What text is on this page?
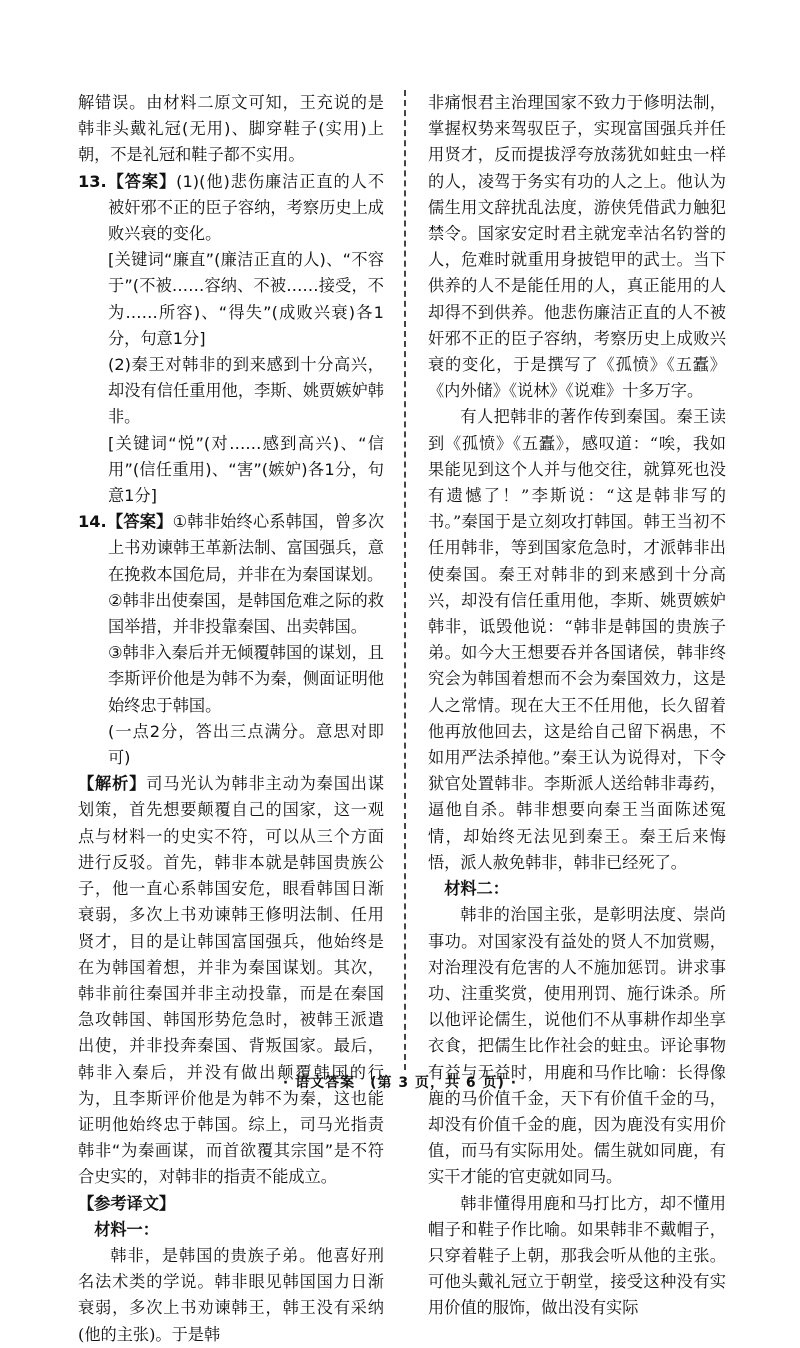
解错误。由材料二原文可知，王充说的是韩非头戴礼冠(无用)、脚穿鞋子(实用)上朝，不是礼冠和鞋子都不实用。

13.【答案】(1)(他)悲伤廉洁正直的人不被奸邪不正的臣子容纳，考察历史上成败兴衰的变化。

[关键词“廉直”(廉洁正直的人)、“不容于”(不被……容纳、不被……接受，不为……所容)、“得失”(成败兴衰)各1分，句意1分]

(2)秦王对韩非的到来感到十分高兴，却没有信任重用他，李斯、姚贾嫉妒韩非。

[关键词“悦”(对……感到高兴)、“信用”(信任重用)、“害”(嫉妒)各1分，句意1分]

14.【答案】①韩非始终心系韩国，曾多次上书劝谏韩王革新法制、富国强兵，意在挽救本国危局，并非在为秦国谋划。

②韩非出使秦国，是韩国危难之际的救国举措，并非投靠秦国、出卖韩国。

③韩非入秦后并无倾覆韩国的谋划，且李斯评价他是为韩不为秦，侧面证明他始终忠于韩国。

(一点2分，答出三点满分。意思对即可)

【解析】司马光认为韩非主动为秦国出谋划策，首先想要颠覆自己的国家，这一观点与材料一的史实不符，可以从三个方面进行反驳。首先，韩非本就是韩国贵族公子，他一直心系韩国安危，眼看韩国日渐衰弱，多次上书劝谏韩王修明法制、任用贤才，目的是让韩国富国强兵，他始终是在为韩国着想，并非为秦国谋划。其次，韩非前往秦国并非主动投靠，而是在秦国急攻韩国、韩国形势危急时，被韩王派遣出使，并非投奔秦国、背叛国家。最后，韩非入秦后，并没有做出颠覆韩国的行为，且李斯评价他是为韩不为秦，这也能证明他始终忠于韩国。综上，司马光指责韩非“为秦画谋，而首欲覆其宗国”是不符合史实的，对韩非的指责不能成立。

【参考译文】

材料一：

韩非，是韩国的贵族子弟。他喜好刑名法术类的学说。韩非眼见韩国国力日渐衰弱，多次上书劝谏韩王，韩王没有采纳(他的主张)。于是韩

非痛恨君主治理国家不致力于修明法制，掌握权势来驾驭臣子，实现富国强兵并任用贤才，反而提拔浮夸放荡犹如蛀虫一样的人，凌驾于务实有功的人之上。他认为儒生用文辞扰乱法度，游侠凭借武力触犯禁令。国家安定时君主就宠幸沽名钓誉的人，危难时就重用身披铠甲的武士。当下供养的人不是能任用的人，真正能用的人却得不到供养。他悲伤廉洁正直的人不被奸邪不正的臣子容纳，考察历史上成败兴衰的变化，于是撰写了《孤愤》《五蠹》《内外储》《说林》《说难》十多万字。

有人把韩非的著作传到秦国。秦王读到《孤愤》《五蠹》，感叹道：“唉，我如果能见到这个人并与他交往，就算死也没有遗憾了！”李斯说：“这是韩非写的书。”秦国于是立刻攻打韩国。韩王当初不任用韩非，等到国家危急时，才派韩非出使秦国。秦王对韩非的到来感到十分高兴，却没有信任重用他，李斯、姚贾嫉妒韩非，诋毁他说：“韩非是韩国的贵族子弟。如今大王想要吞并各国诸侯，韩非终究会为韩国着想而不会为秦国效力，这是人之常情。现在大王不任用他，长久留着他再放他回去，这是给自己留下祸患，不如用严法杀掉他。”秦王认为说得对，下令狱官处置韩非。李斯派人送给韩非毒药，逼他自杀。韩非想要向秦王当面陈述冤情，却始终无法见到秦王。秦王后来悔悟，派人赦免韩非，韩非已经死了。

材料二：

韩非的治国主张，是彰明法度、崇尚事功。对国家没有益处的贤人不加赏赐，对治理没有危害的人不施加惩罚。讲求事功、注重奖赏，使用刑罚、施行诛杀。所以他评论儒生，说他们不从事耕作却坐享衣食，把儒生比作社会的蛀虫。评论事物有益与无益时，用鹿和马作比喻：长得像鹿的马价值千金，天下有价值千金的马，却没有价值千金的鹿，因为鹿没有实用价值，而马有实际用处。儒生就如同鹿，有实干才能的官吏就如同马。

韩非懂得用鹿和马打比方，却不懂用帽子和鞋子作比喻。如果韩非不戴帽子，只穿着鞋子上朝，那我会听从他的主张。可他头戴礼冠立于朝堂，接受这种没有实用价值的服饰，做出没有实际

· 语文答案　(第 3 页，共 6 页) ·
